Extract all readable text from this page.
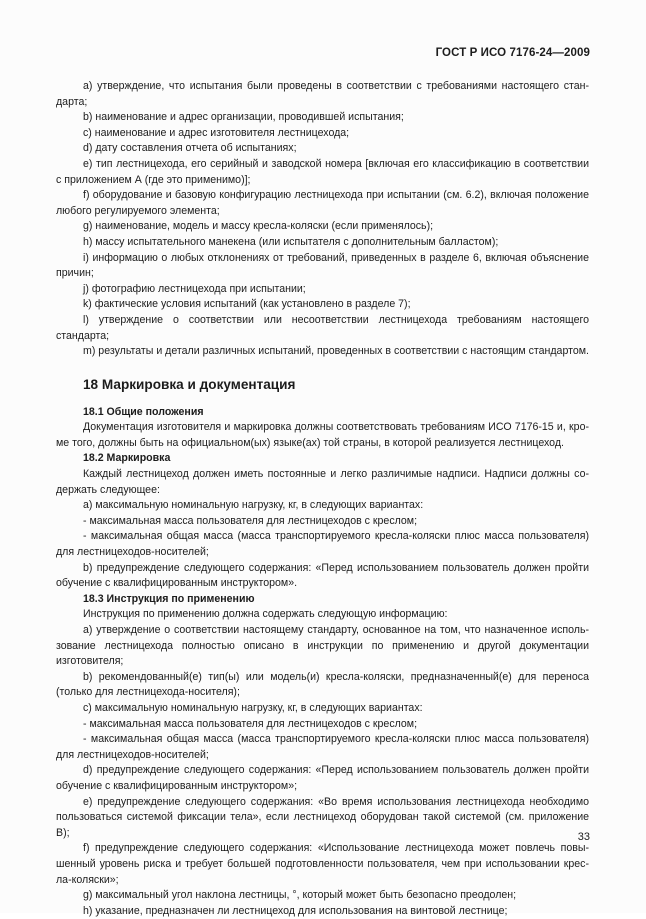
ГОСТ Р ИСО 7176-24—2009

a) утверждение, что испытания были проведены в соответствии с требованиями настоящего стандарта;

b) наименование и адрес организации, проводившей испытания;

c) наименование и адрес изготовителя лестницехода;

d) дату составления отчета об испытаниях;

e) тип лестницехода, его серийный и заводской номера [включая его классификацию в соответствии с приложением А (где это применимо)];

f) оборудование и базовую конфигурацию лестницехода при испытании (см. 6.2), включая положение любого регулируемого элемента;

g) наименование, модель и массу кресла-коляски (если применялось);

h) массу испытательного манекена (или испытателя с дополнительным балластом);

i) информацию о любых отклонениях от требований, приведенных в разделе 6, включая объяснение причин;

j) фотографию лестницехода при испытании;

k) фактические условия испытаний (как установлено в разделе 7);

l) утверждение о соответствии или несоответствии лестницехода требованиям настоящего стандарта;

m) результаты и детали различных испытаний, проведенных в соответствии с настоящим стандартом.

18 Маркировка и документация
18.1 Общие положения

Документация изготовителя и маркировка должны соответствовать требованиям ИСО 7176-15 и, кроме того, должны быть на официальном(ых) языке(ах) той страны, в которой реализуется лестницеход.

18.2 Маркировка

Каждый лестницеход должен иметь постоянные и легко различимые надписи. Надписи должны содержать следующее:

а) максимальную номинальную нагрузку, кг, в следующих вариантах:

- максимальная масса пользователя для лестницеходов с креслом;

- максимальная общая масса (масса транспортируемого кресла-коляски плюс масса пользователя) для лестницеходов-носителей;

b) предупреждение следующего содержания: «Перед использованием пользователь должен пройти обучение с квалифицированным инструктором».

18.3 Инструкция по применению

Инструкция по применению должна содержать следующую информацию:

а) утверждение о соответствии настоящему стандарту, основанное на том, что назначенное использование лестницехода полностью описано в инструкции по применению и другой документации изготовителя;

b) рекомендованный(е) тип(ы) или модель(и) кресла-коляски, предназначенный(е) для переноса (только для лестницехода-носителя);

c) максимальную номинальную нагрузку, кг, в следующих вариантах:

- максимальная масса пользователя для лестницеходов с креслом;

- максимальная общая масса (масса транспортируемого кресла-коляски плюс масса пользователя) для лестницеходов-носителей;

d) предупреждение следующего содержания: «Перед использованием пользователь должен пройти обучение с квалифицированным инструктором»;

e) предупреждение следующего содержания: «Во время использования лестницехода необходимо пользоваться системой фиксации тела», если лестницеход оборудован такой системой (см. приложение В);

f) предупреждение следующего содержания: «Использование лестницехода может повлечь повышенный уровень риска и требует большей подготовленности пользователя, чем при использовании кресла-коляски»;

g) максимальный угол наклона лестницы, °, который может быть безопасно преодолен;

h) указание, предназначен ли лестницеход для использования на винтовой лестнице;

33
